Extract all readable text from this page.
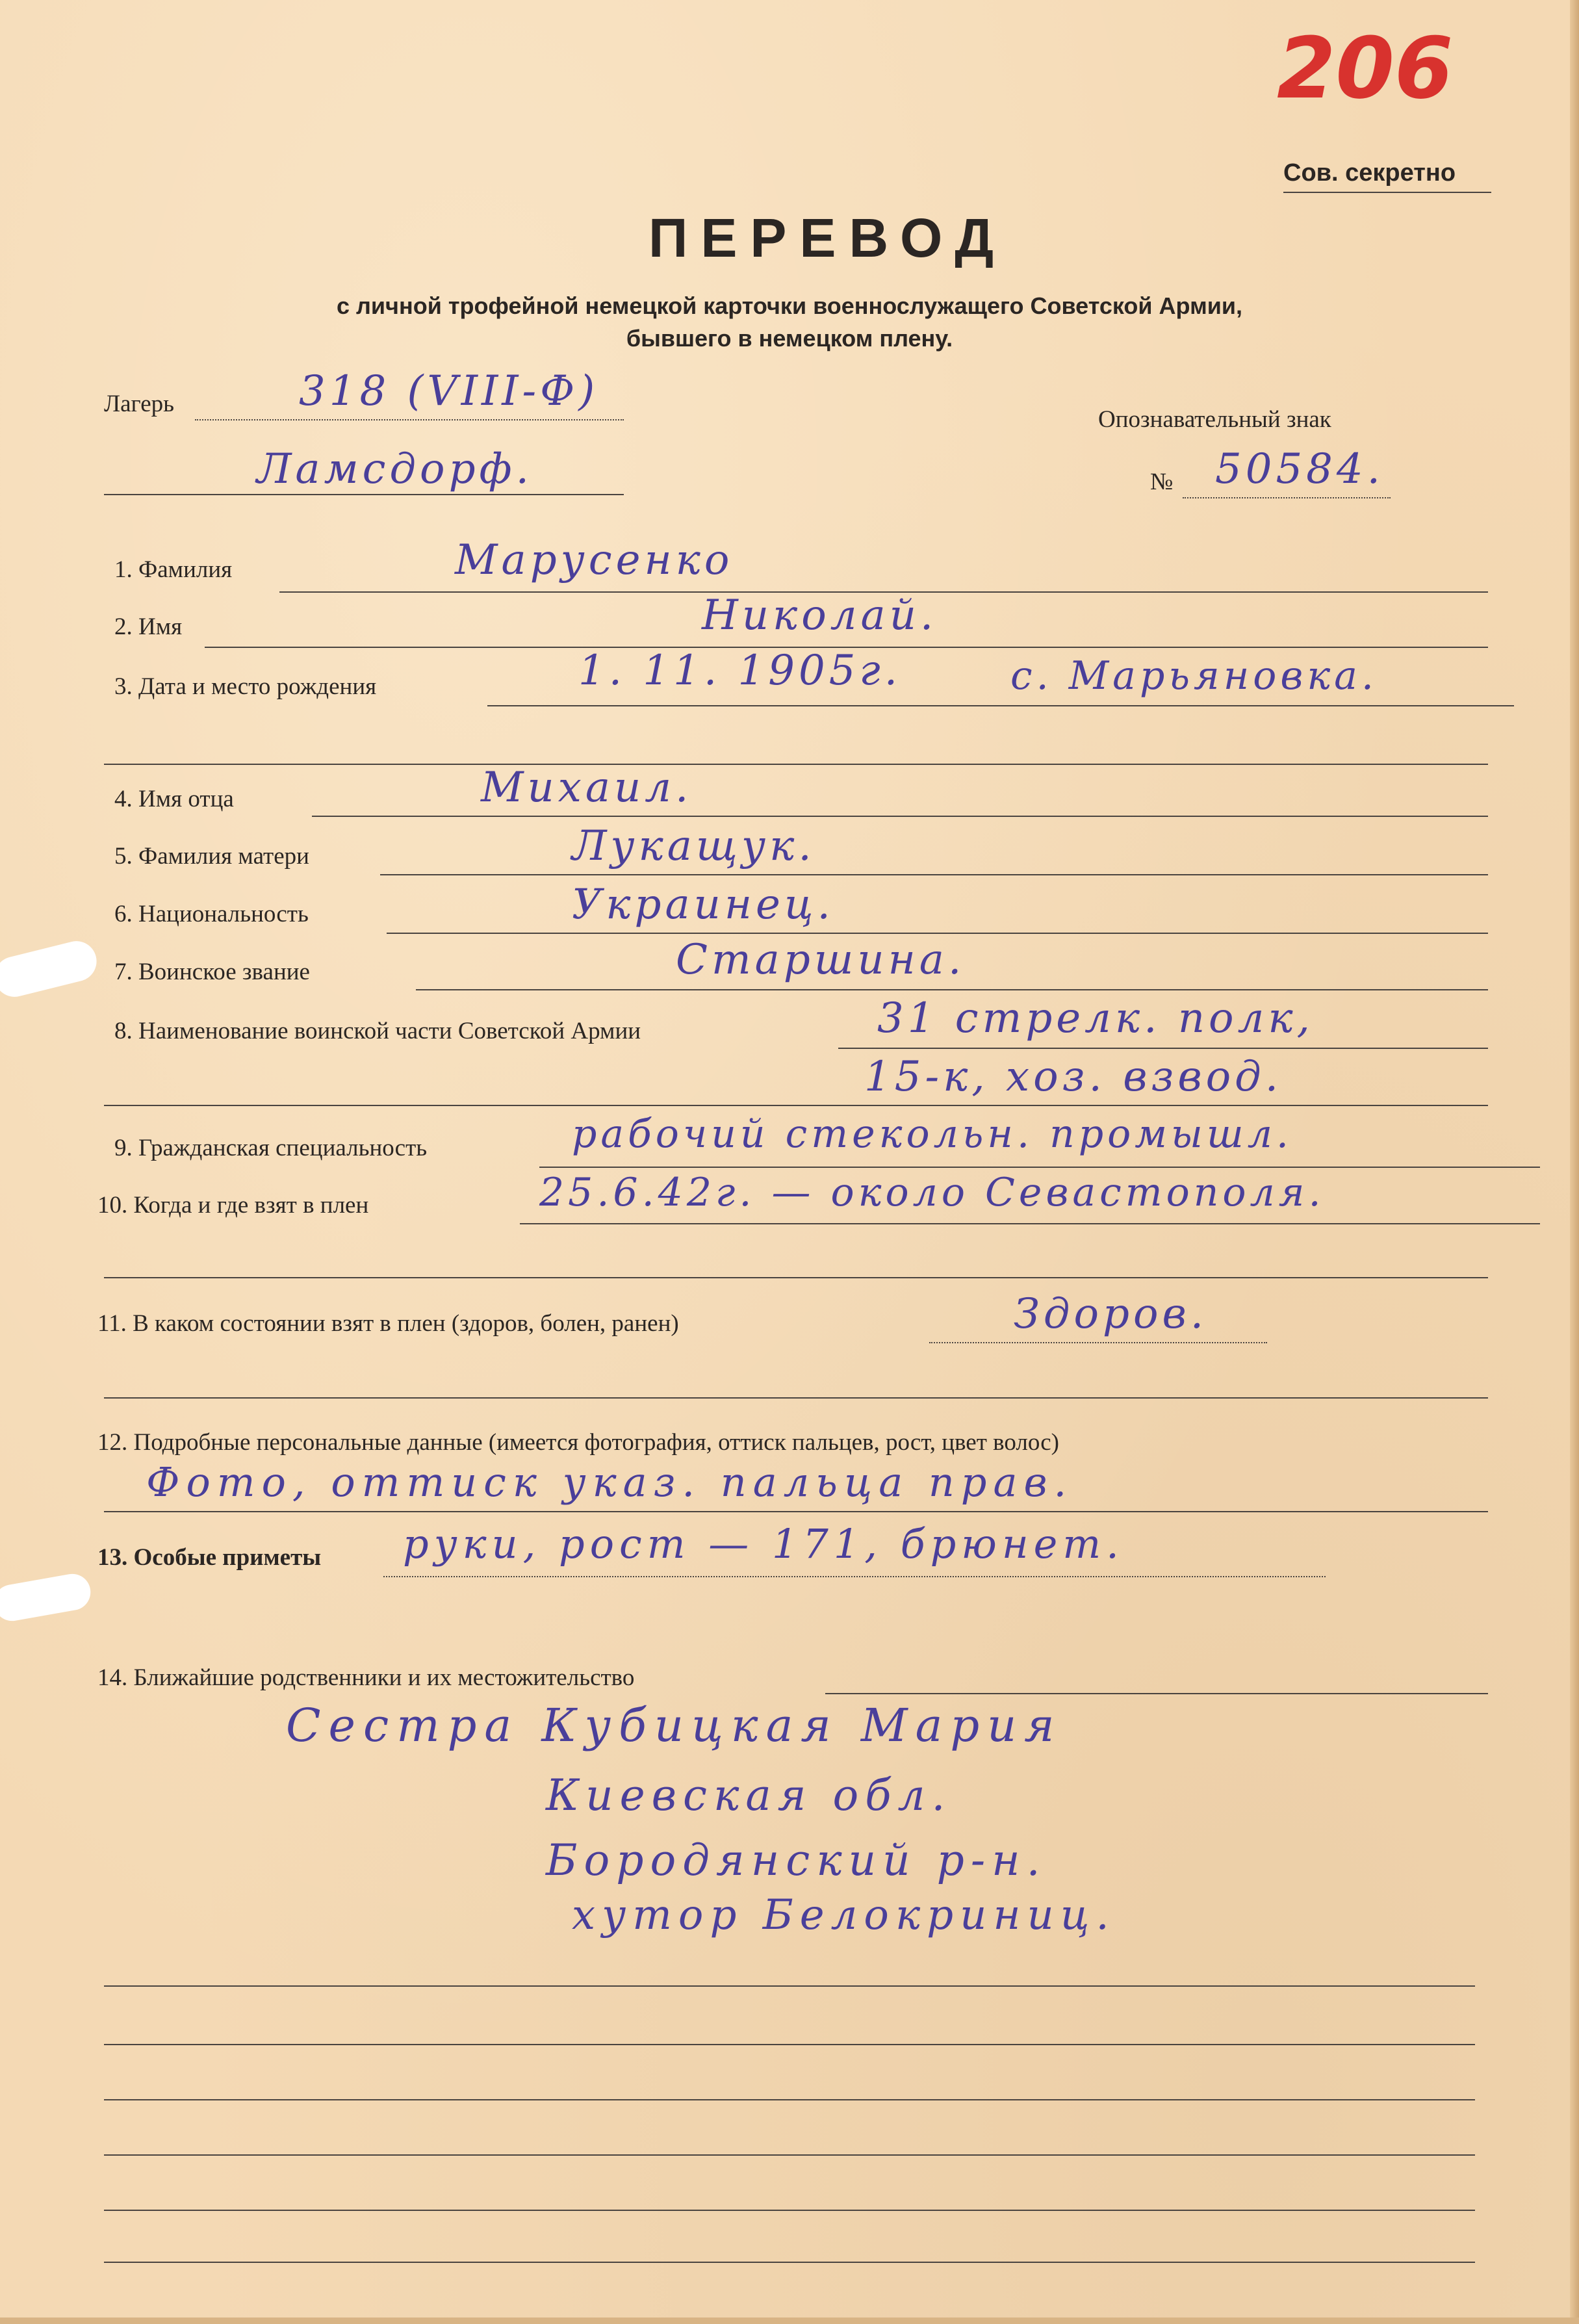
206
Сов. секретно
ПЕРЕВОД
с личной трофейной немецкой карточки военнослужащего Советской Армии,
бывшего в немецком плену.
Лагерь	318 (VIII-Ф)
Ламсдорф.
Опознавательный знак
№ 50584.
1. Фамилия	Марусенко
2. Имя	Николай.
3. Дата и место рождения	1. 11. 1905г.	с. Марьяновка.
4. Имя отца	Михаил.
5. Фамилия матери	Лукащук.
6. Национальность	Украинец.
7. Воинское звание	Старшина.
8. Наименование воинской части Советской Армии	31 стрелк. полк,
15-к, хоз. взвод.
9. Гражданская специальность	рабочий стекольн. промышл.
10. Когда и где взят в плен	25.6.42г. — около Севастополя.
11. В каком состоянии взят в плен (здоров, болен, ранен)	Здоров.
12. Подробные персональные данные (имеется фотография, оттиск пальцев, рост, цвет волос)
Фото, оттиск указ. пальца прав.
13. Особые приметы руки, рост — 171, брюнет.
14. Ближайшие родственники и их местожительство
Сестра Кубицкая Мария
Киевская обл.
Бородянский р-н.
хутор Белокриниц.
